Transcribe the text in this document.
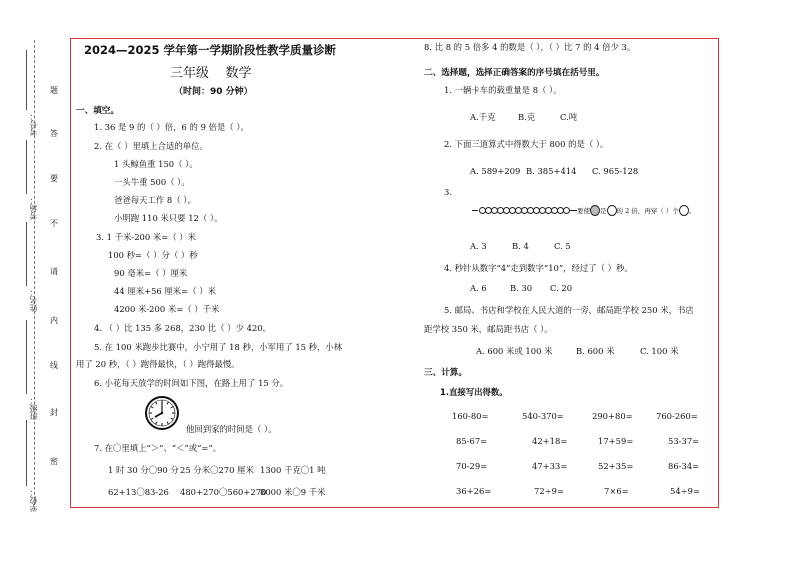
考号：
考场：
姓名：
班级：
学校：
题
答
要
不
请
内
线
封
密
2024—2025 学年第一学期阶段性教学质量诊断
三年级    数学
（时间：90 分钟）
一、填空。
1. 36 是 9 的（ ）倍，6 的 9 倍是（ ）。
2. 在（ ）里填上合适的单位。
1 头鲸鱼重 150（ ）。
一头牛重 500（ ）。
爸爸每天工作 8（ ）。
小明跑 110 米只要 12（ ）。
3. 1 千米-200 米=（ ）米
100 秒=（ ）分（ ）秒
90 毫米=（ ）厘米
44 厘米+56 厘米=（ ）米
4200 米-200 米=（ ）千米
4. （ ）比 135 多 268，230 比（ ）少 420。
5. 在 100 米跑步比赛中，小宁用了 18 秒，小军用了 15 秒，小林
用了 20 秒，（ ）跑得最快，（ ）跑得最慢。
6. 小花每天放学的时间如下图，在路上用了 15 分。
他回到家的时间是（ ）。
7. 在〇里填上“＞”、“＜”或“=”。
1 时 30 分〇90 分 25 分米〇270 厘米 1300 千克〇1 吨
62+13〇83-26 480+270〇560+270
8000 米〇9 千米
8. 比 8 的 5 倍多 4 的数是（ ），（ ）比 7 的 4 倍少 3。
二、选择题，选择正确答案的序号填在括号里。
1. 一辆卡车的载重量是 8（ ）。
A.千克	B.克	C.吨
2. 下面三道算式中得数大于 800 的是（ ）。
A. 589+209 B. 385+414 C. 965-128
3.
要使 是 的 2 倍，再穿（ ）个 。
A. 3	B. 4	C. 5
4. 秒针从数字“4”走到数字“10”，经过了（ ）秒。
A. 6	B. 30 C. 20
5. 邮局、书店和学校在人民大道的一旁，邮局距学校 250 米，书店
距学校 350 米，邮局距书店（ ）。
A. 600 米或 100 米	B. 600 米	C. 100 米
三、计算。
1.直接写出得数。
160-80=	540-370=	290+80=	760-260=
85-67=	42+18=	17+59=	53-37=
70-29=	47+33=	52+35=	86-34=
36+26=	72÷9=	7×6=	54÷9=
